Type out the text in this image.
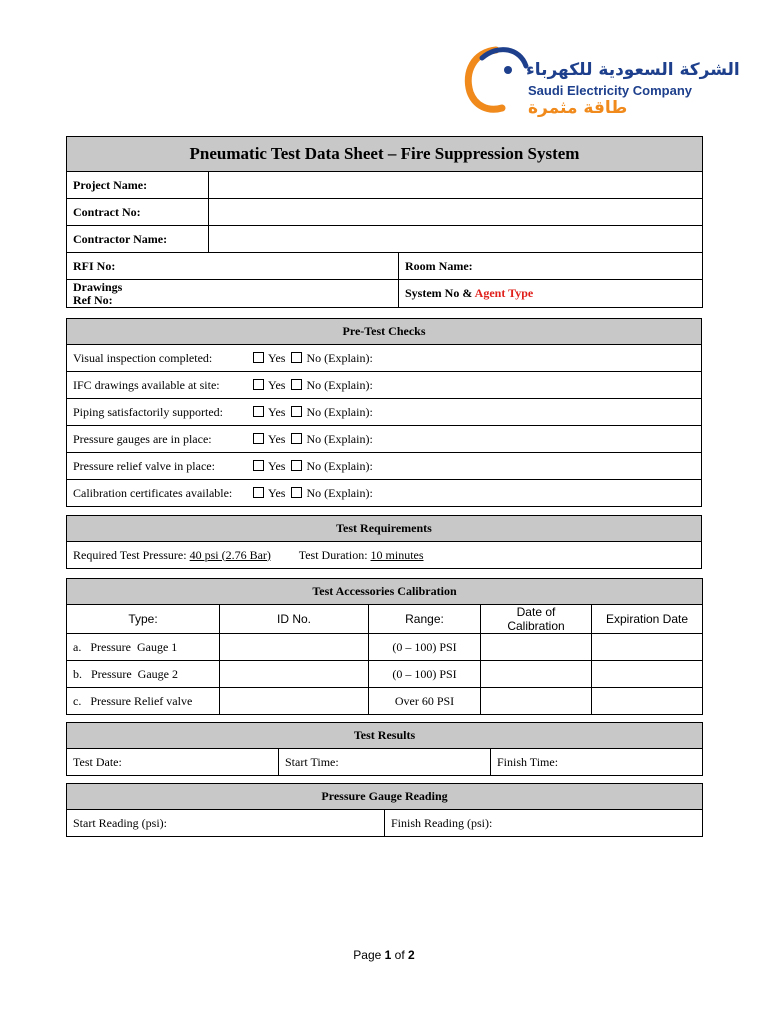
الشركة السعودية للكهرباء
Saudi Electricity Company
طاقة مثمرة
Pneumatic Test Data Sheet – Fire Suppression System		
Project Name:		
Contract No:		
Contractor Name:		
RFI No:		Room Name:
Drawings
Ref No:		System No & Agent Type
Pre-Test Checks
Visual inspection completed:	Yes No (Explain):
IFC drawings available at site:	Yes No (Explain):
Piping satisfactorily supported:	Yes No (Explain):
Pressure gauges are in place:	Yes No (Explain):
Pressure relief valve in place:	Yes No (Explain):
Calibration certificates available:	Yes No (Explain):
Test Requirements
Required Test Pressure: 40 psi (2.76 Bar) Test Duration: 10 minutes
Test Accessories Calibration				
Type:	ID No.	Range:	Date of Calibration	Expiration Date
a.   Pressure  Gauge 1		(0 – 100) PSI		
b.   Pressure  Gauge 2		(0 – 100) PSI		
c.   Pressure Relief valve		Over 60 PSI		
Test Results
Test Date:	Start Time:	Finish Time:
Pressure Gauge Reading
Start Reading (psi):	Finish Reading (psi):
Page 1 of 2
